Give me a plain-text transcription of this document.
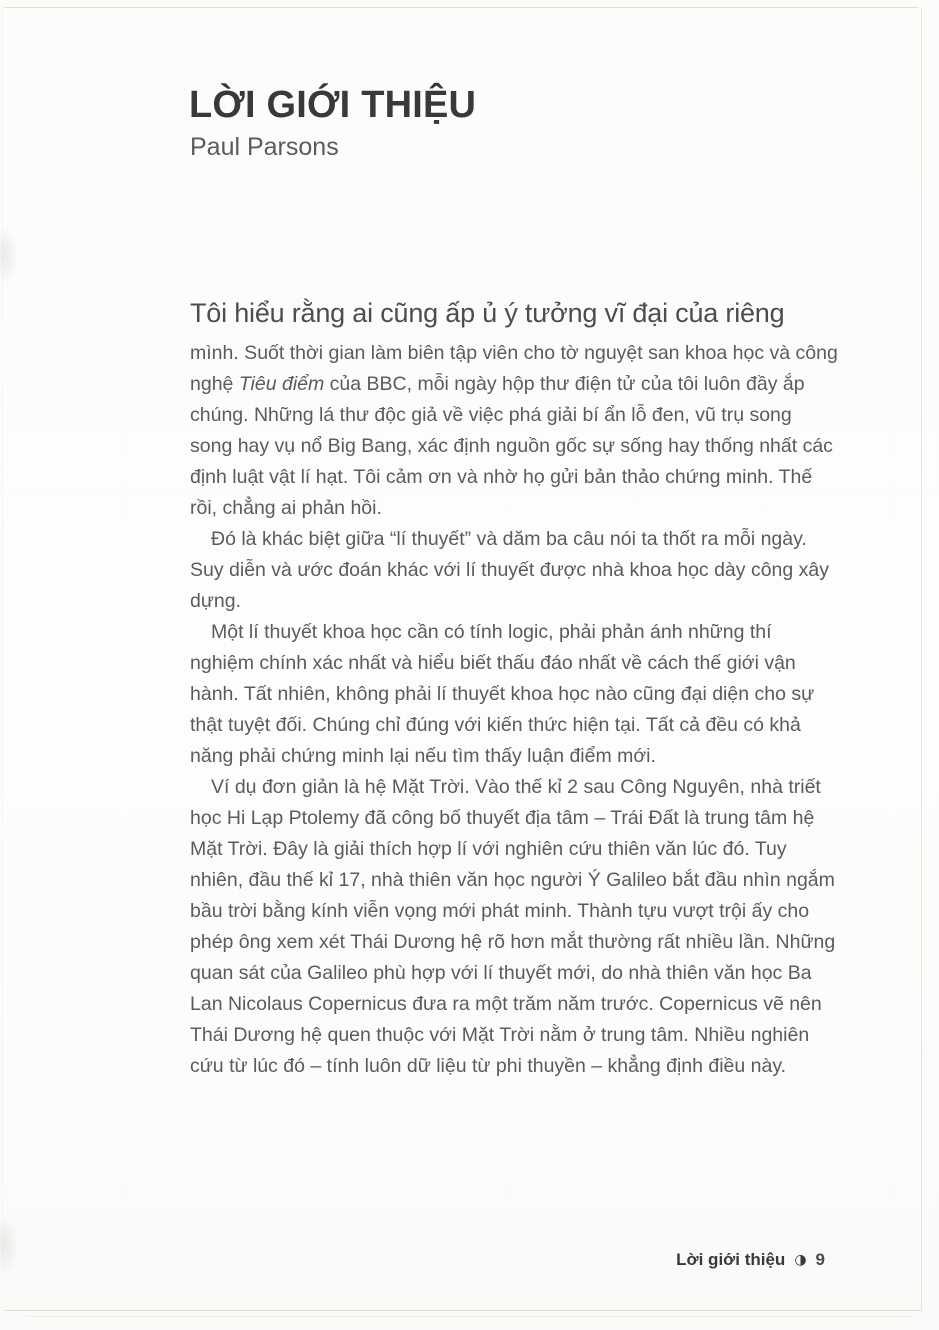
LỜI GIỚI THIỆU
Paul Parsons

Tôi hiểu rằng ai cũng ấp ủ ý tưởng vĩ đại của riêng

mình. Suốt thời gian làm biên tập viên cho tờ nguyệt san khoa học và công nghệ Tiêu điểm của BBC, mỗi ngày hộp thư điện tử của tôi luôn đầy ắp chúng. Những lá thư độc giả về việc phá giải bí ẩn lỗ đen, vũ trụ song song hay vụ nổ Big Bang, xác định nguồn gốc sự sống hay thống nhất các định luật vật lí hạt. Tôi cảm ơn và nhờ họ gửi bản thảo chứng minh. Thế rồi, chẳng ai phản hồi.

Đó là khác biệt giữa “lí thuyết” và dăm ba câu nói ta thốt ra mỗi ngày. Suy diễn và ước đoán khác với lí thuyết được nhà khoa học dày công xây dựng.

Một lí thuyết khoa học cần có tính logic, phải phản ánh những thí nghiệm chính xác nhất và hiểu biết thấu đáo nhất về cách thế giới vận hành. Tất nhiên, không phải lí thuyết khoa học nào cũng đại diện cho sự thật tuyệt đối. Chúng chỉ đúng với kiến thức hiện tại. Tất cả đều có khả năng phải chứng minh lại nếu tìm thấy luận điểm mới.

Ví dụ đơn giản là hệ Mặt Trời. Vào thế kỉ 2 sau Công Nguyên, nhà triết học Hi Lạp Ptolemy đã công bố thuyết địa tâm – Trái Đất là trung tâm hệ Mặt Trời. Đây là giải thích hợp lí với nghiên cứu thiên văn lúc đó. Tuy nhiên, đầu thế kỉ 17, nhà thiên văn học người Ý Galileo bắt đầu nhìn ngắm bầu trời bằng kính viễn vọng mới phát minh. Thành tựu vượt trội ấy cho phép ông xem xét Thái Dương hệ rõ hơn mắt thường rất nhiều lần. Những quan sát của Galileo phù hợp với lí thuyết mới, do nhà thiên văn học Ba Lan Nicolaus Copernicus đưa ra một trăm năm trước. Copernicus vẽ nên Thái Dương hệ quen thuộc với Mặt Trời nằm ở trung tâm. Nhiều nghiên cứu từ lúc đó – tính luôn dữ liệu từ phi thuyền – khẳng định điều này.

Lời giới thiệu ◑ 9
